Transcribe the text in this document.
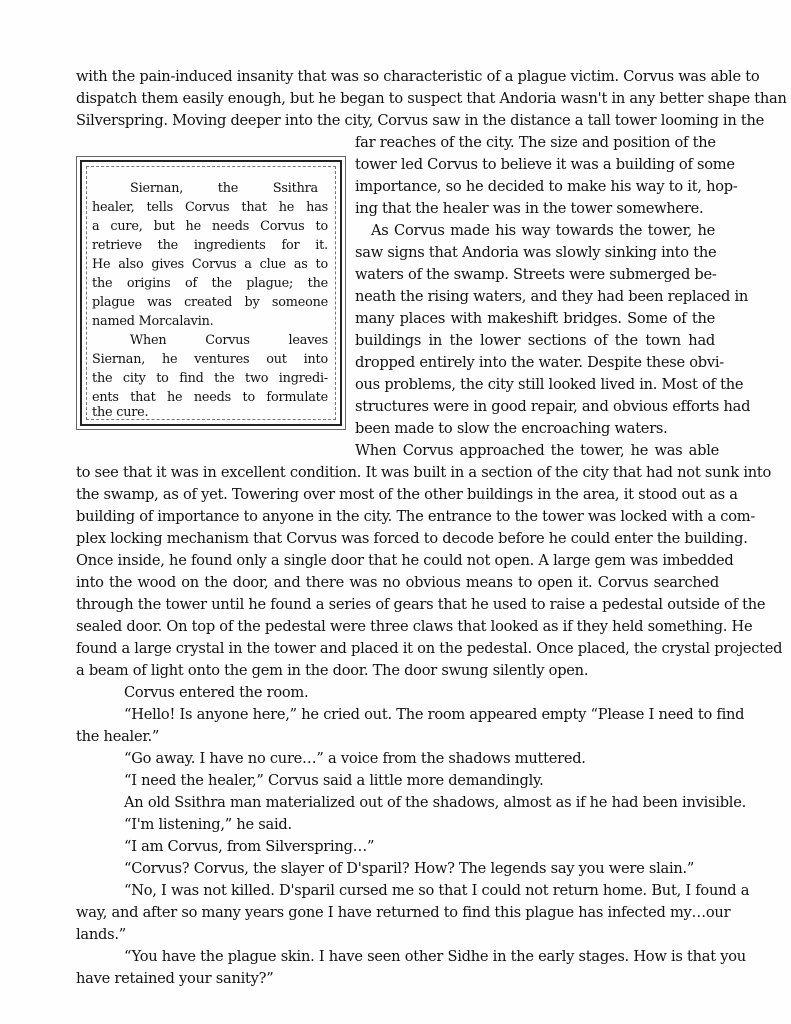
Siernan, the Ssithra
healer, tells Corvus that he has
a cure, but he needs Corvus to
retrieve the ingredients for it.
He also gives Corvus a clue as to
the origins of the plague; the
plague was created by someone
named Morcalavin.
When Corvus leaves
Siernan, he ventures out into
the city to find the two ingredi-
ents that he needs to formulate
the cure.
with the pain-induced insanity that was so characteristic of a plague victim. Corvus was able to
dispatch them easily enough, but he began to suspect that Andoria wasn't in any better shape than
Silverspring. Moving deeper into the city, Corvus saw in the distance a tall tower looming in the
far reaches of the city. The size and position of the
tower led Corvus to believe it was a building of some
importance, so he decided to make his way to it, hop-
ing that the healer was in the tower somewhere.
As Corvus made his way towards the tower, he
saw signs that Andoria was slowly sinking into the
waters of the swamp. Streets were submerged be-
neath the rising waters, and they had been replaced in
many places with makeshift bridges. Some of the
buildings in the lower sections of the town had
dropped entirely into the water. Despite these obvi-
ous problems, the city still looked lived in. Most of the
structures were in good repair, and obvious efforts had
been made to slow the encroaching waters.
When Corvus approached the tower, he was able
to see that it was in excellent condition. It was built in a section of the city that had not sunk into
the swamp, as of yet. Towering over most of the other buildings in the area, it stood out as a
building of importance to anyone in the city. The entrance to the tower was locked with a com-
plex locking mechanism that Corvus was forced to decode before he could enter the building.
Once inside, he found only a single door that he could not open. A large gem was imbedded
into the wood on the door, and there was no obvious means to open it. Corvus searched
through the tower until he found a series of gears that he used to raise a pedestal outside of the
sealed door. On top of the pedestal were three claws that looked as if they held something. He
found a large crystal in the tower and placed it on the pedestal. Once placed, the crystal projected
a beam of light onto the gem in the door. The door swung silently open.
Corvus entered the room.
“Hello! Is anyone here,” he cried out. The room appeared empty “Please I need to find
the healer.”
“Go away. I have no cure…” a voice from the shadows muttered.
“I need the healer,” Corvus said a little more demandingly.
An old Ssithra man materialized out of the shadows, almost as if he had been invisible.
“I'm listening,” he said.
“I am Corvus, from Silverspring…”
“Corvus? Corvus, the slayer of D'sparil? How? The legends say you were slain.”
“No, I was not killed. D'sparil cursed me so that I could not return home. But, I found a
way, and after so many years gone I have returned to find this plague has infected my…our
lands.”
“You have the plague skin. I have seen other Sidhe in the early stages. How is that you
have retained your sanity?”
